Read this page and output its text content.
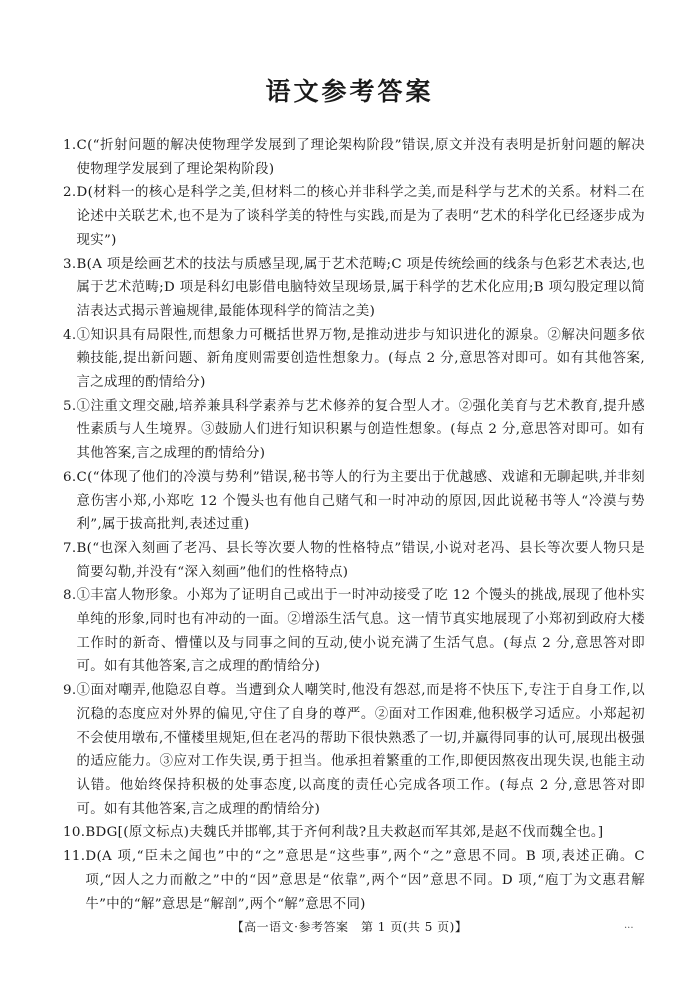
语文参考答案
1. C(“折射问题的解决使物理学发展到了理论架构阶段”错误,原文并没有表明是折射问题的解决使物理学发展到了理论架构阶段)
2. D(材料一的核心是科学之美,但材料二的核心并非科学之美,而是科学与艺术的关系。材料二在论述中关联艺术,也不是为了谈科学美的特性与实践,而是为了表明“艺术的科学化已经逐步成为现实”)
3. B(A 项是绘画艺术的技法与质感呈现,属于艺术范畴;C 项是传统绘画的线条与色彩艺术表达,也属于艺术范畴;D 项是科幻电影借电脑特效呈现场景,属于科学的艺术化应用;B 项勾股定理以简洁表达式揭示普遍规律,最能体现科学的简洁之美)
4. ①知识具有局限性,而想象力可概括世界万物,是推动进步与知识进化的源泉。②解决问题多依赖技能,提出新问题、新角度则需要创造性想象力。(每点 2 分,意思答对即可。如有其他答案,言之成理的酌情给分)
5. ①注重文理交融,培养兼具科学素养与艺术修养的复合型人才。②强化美育与艺术教育,提升感性素质与人生境界。③鼓励人们进行知识积累与创造性想象。(每点 2 分,意思答对即可。如有其他答案,言之成理的酌情给分)
6. C(“体现了他们的冷漠与势利”错误,秘书等人的行为主要出于优越感、戏谑和无聊起哄,并非刻意伤害小郑,小郑吃 12 个馒头也有他自己赌气和一时冲动的原因,因此说秘书等人“冷漠与势利”,属于拔高批判,表述过重)
7. B(“也深入刻画了老冯、县长等次要人物的性格特点”错误,小说对老冯、县长等次要人物只是简要勾勒,并没有“深入刻画”他们的性格特点)
8. ①丰富人物形象。小郑为了证明自己或出于一时冲动接受了吃 12 个馒头的挑战,展现了他朴实单纯的形象,同时也有冲动的一面。②增添生活气息。这一情节真实地展现了小郑初到政府大楼工作时的新奇、懵懂以及与同事之间的互动,使小说充满了生活气息。(每点 2 分,意思答对即可。如有其他答案,言之成理的酌情给分)
9. ①面对嘲弄,他隐忍自尊。当遭到众人嘲笑时,他没有怨怼,而是将不快压下,专注于自身工作,以沉稳的态度应对外界的偏见,守住了自身的尊严。②面对工作困难,他积极学习适应。小郑起初不会使用墩布,不懂楼里规矩,但在老冯的帮助下很快熟悉了一切,并赢得同事的认可,展现出极强的适应能力。③应对工作失误,勇于担当。他承担着繁重的工作,即便因熬夜出现失误,也能主动认错。他始终保持积极的处事态度,以高度的责任心完成各项工作。(每点 2 分,意思答对即可。如有其他答案,言之成理的酌情给分)
10. BDG[(原文标点)夫魏氏并邯郸,其于齐何利哉?且夫救赵而军其郊,是赵不伐而魏全也。]
11. D(A 项,“臣未之闻也”中的“之”意思是“这些事”,两个“之”意思不同。B 项,表述正确。C 项,“因人之力而敝之”中的“因”意思是“依靠”,两个“因”意思不同。D 项,“庖丁为文惠君解牛”中的“解”意思是“解剖”,两个“解”意思不同)
【高一语文·参考答案　第 1 页(共 5 页)】	...
